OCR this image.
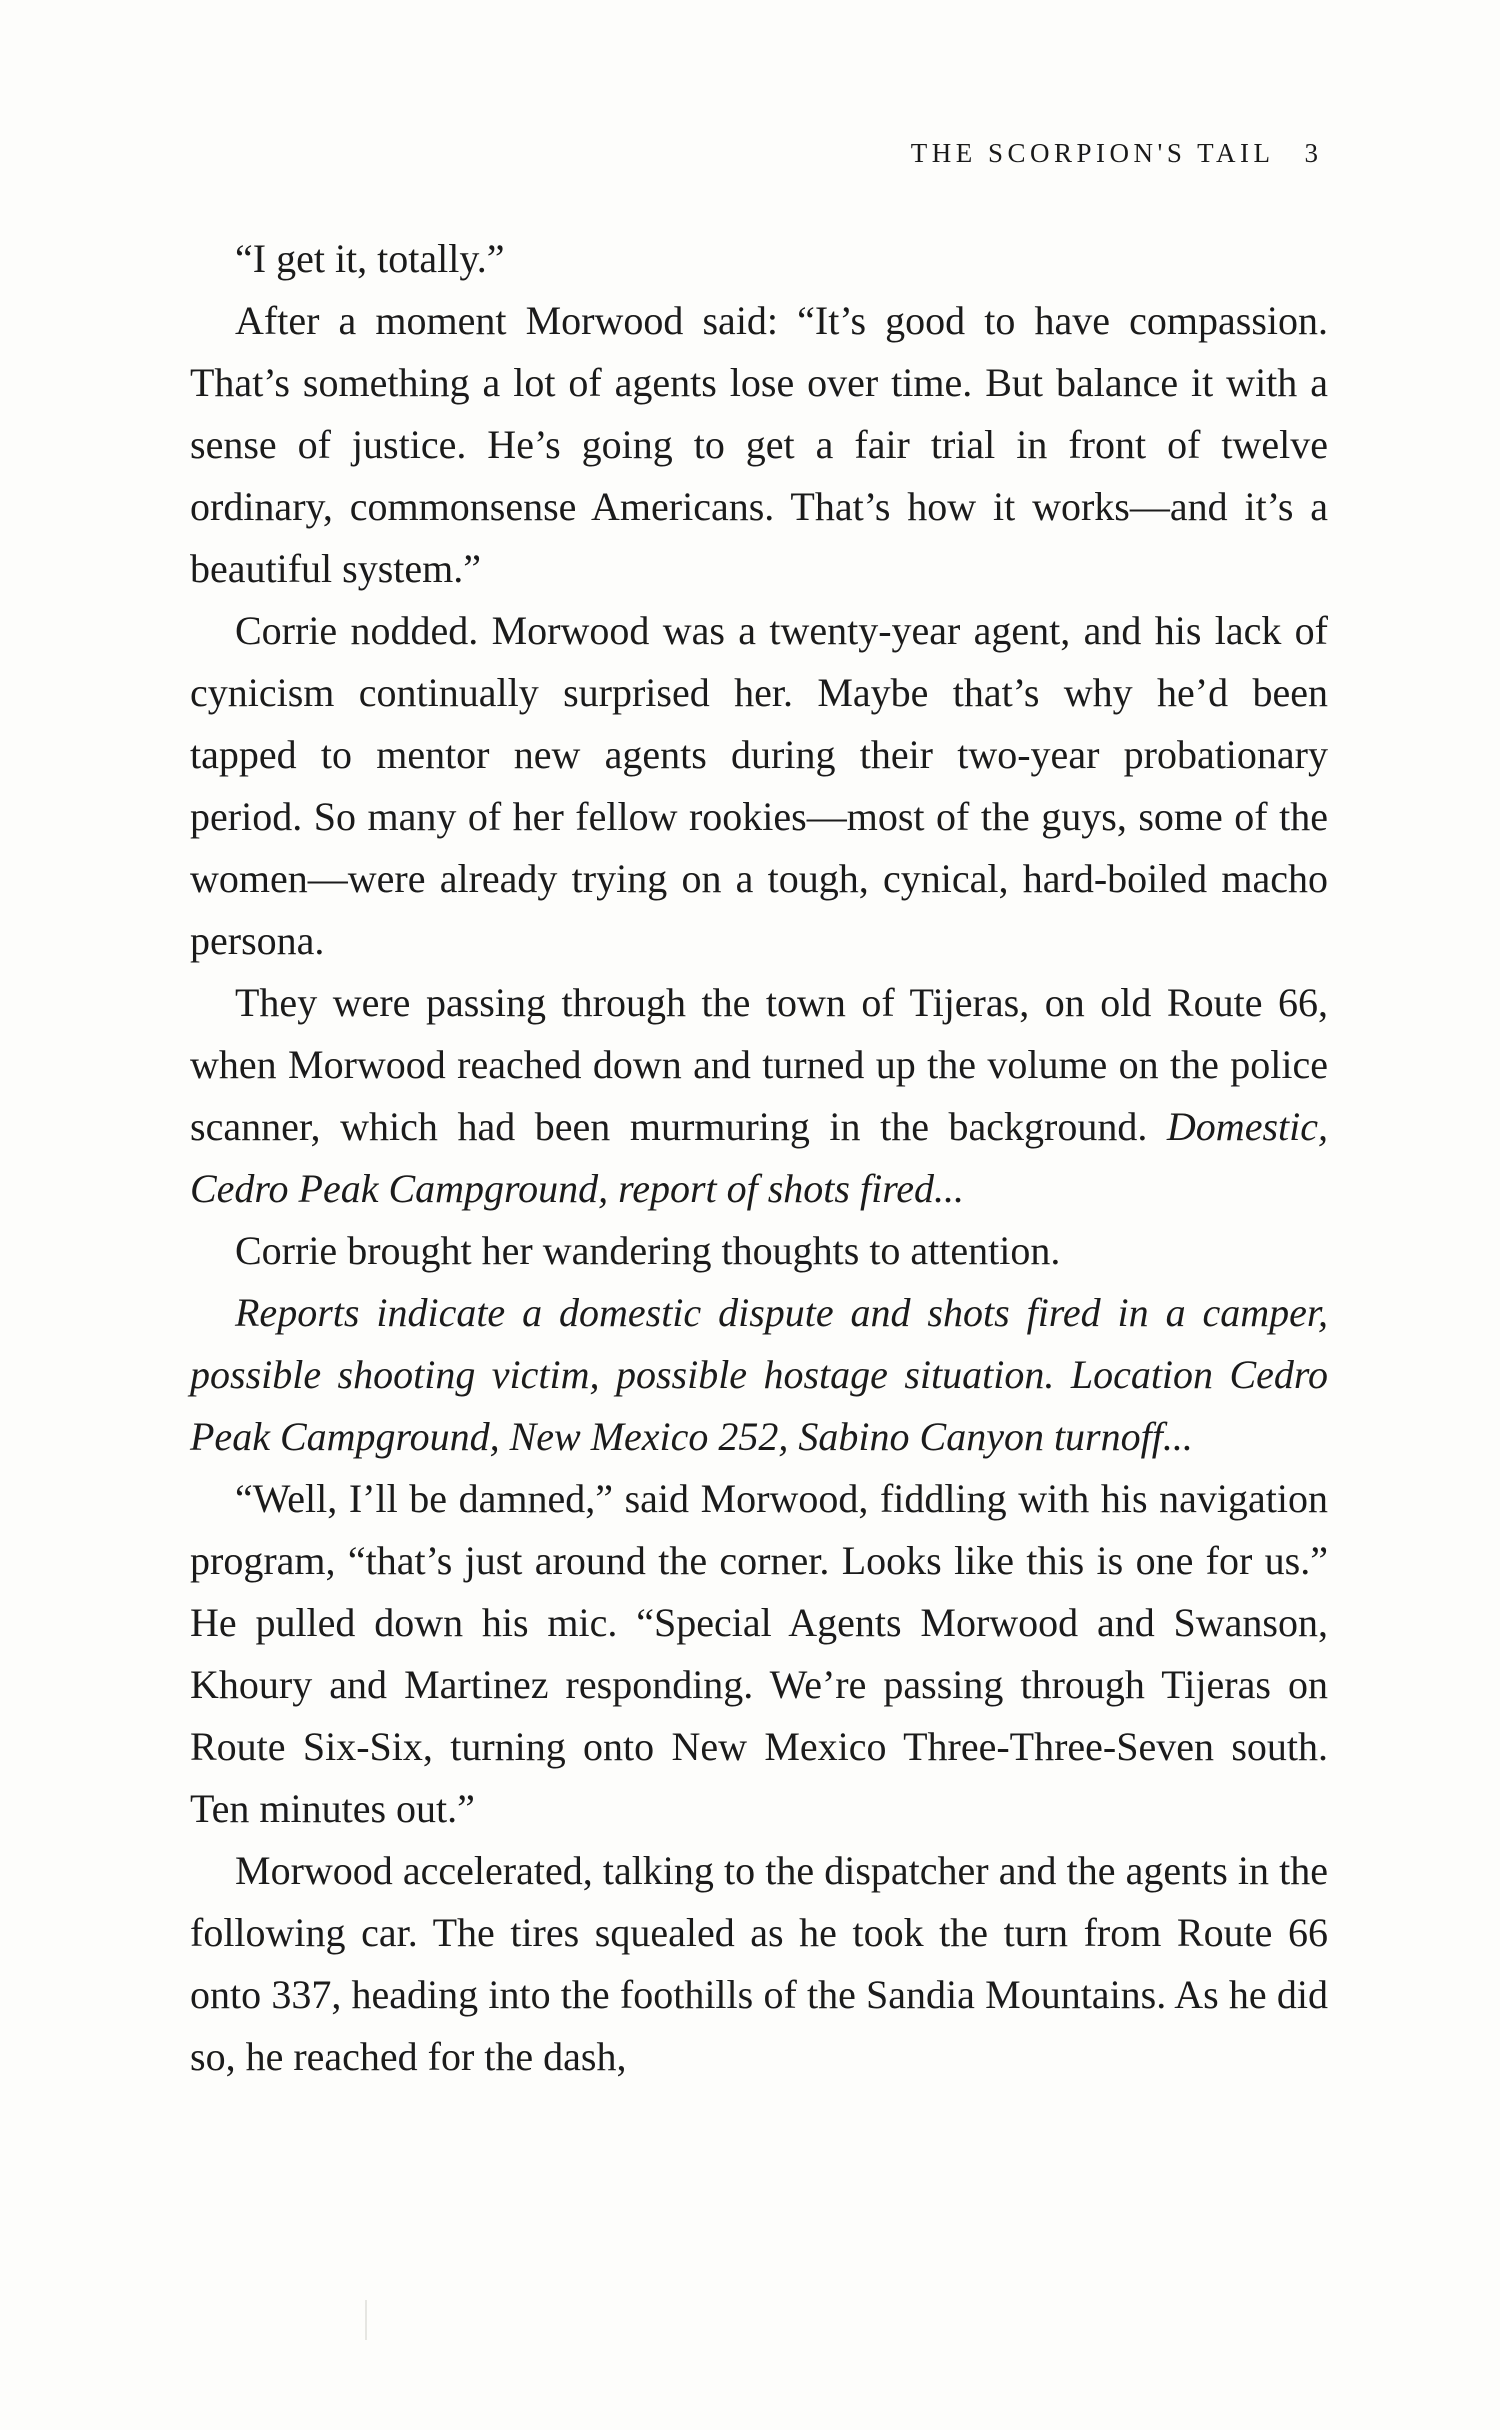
THE SCORPION'S TAIL 3

“I get it, totally.”

After a moment Morwood said: “It’s good to have compassion. That’s something a lot of agents lose over time. But balance it with a sense of justice. He’s going to get a fair trial in front of twelve ordinary, commonsense Americans. That’s how it works—and it’s a beautiful system.”

Corrie nodded. Morwood was a twenty-year agent, and his lack of cynicism continually surprised her. Maybe that’s why he’d been tapped to mentor new agents during their two-year probationary period. So many of her fellow rookies—most of the guys, some of the women—were already trying on a tough, cynical, hard-boiled macho persona.

They were passing through the town of Tijeras, on old Route 66, when Morwood reached down and turned up the volume on the police scanner, which had been murmuring in the background. Domestic, Cedro Peak Campground, report of shots fired...

Corrie brought her wandering thoughts to attention.

Reports indicate a domestic dispute and shots fired in a camper, possible shooting victim, possible hostage situation. Location Cedro Peak Campground, New Mexico 252, Sabino Canyon turnoff...

“Well, I’ll be damned,” said Morwood, fiddling with his navigation program, “that’s just around the corner. Looks like this is one for us.” He pulled down his mic. “Special Agents Morwood and Swanson, Khoury and Martinez responding. We’re passing through Tijeras on Route Six-Six, turning onto New Mexico Three-Three-Seven south. Ten minutes out.”

Morwood accelerated, talking to the dispatcher and the agents in the following car. The tires squealed as he took the turn from Route 66 onto 337, heading into the foothills of the Sandia Mountains. As he did so, he reached for the dash,
